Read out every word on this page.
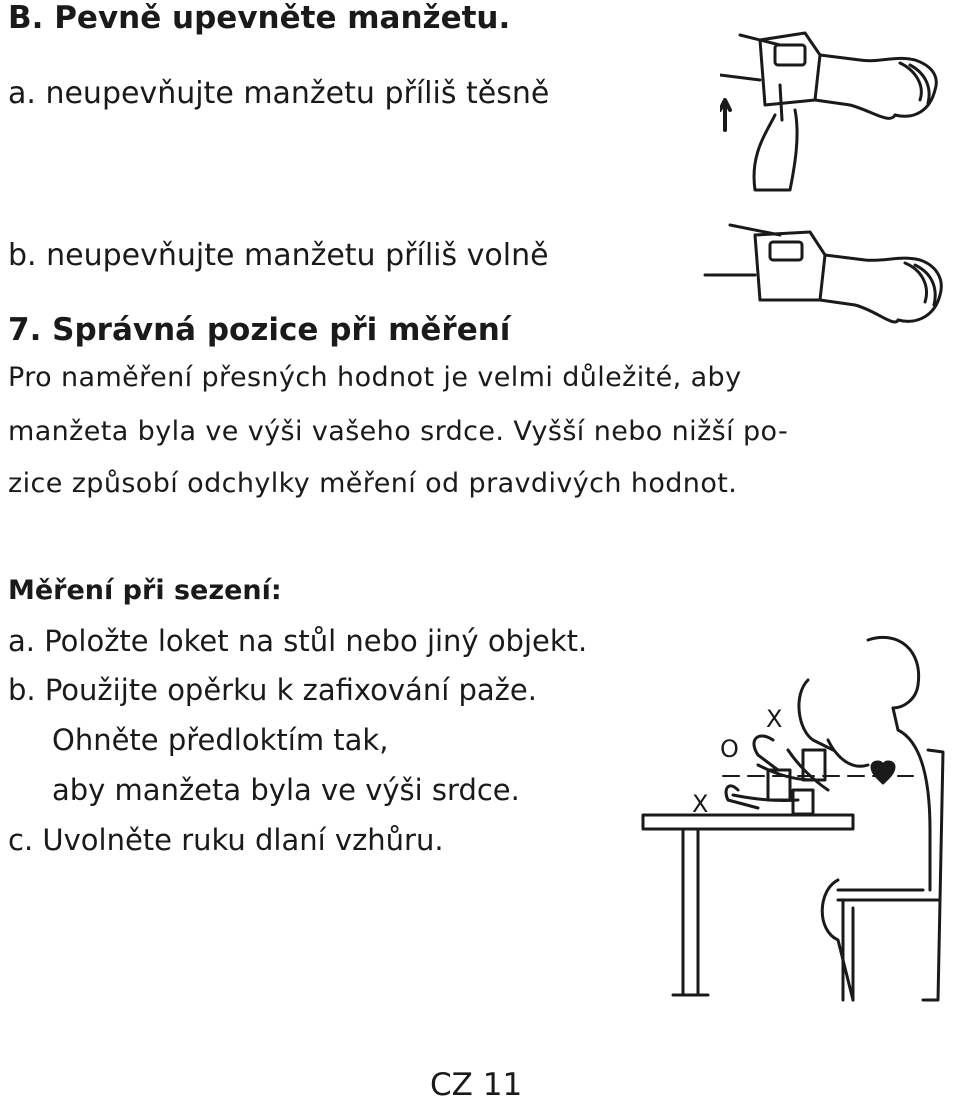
B. Pevně upevněte manžetu.

a. neupevňujte manžetu příliš těsně

b. neupevňujte manžetu příliš volně

7. Správná pozice při měření

Pro naměření přesných hodnot je velmi důležité, aby

manžeta byla ve výši vašeho srdce. Vyšší nebo nižší po-

zice způsobí odchylky měření od pravdivých hodnot.

Měření při sezení:

a. Položte loket na stůl nebo jiný objekt.

b. Použijte opěrku k zafixování paže.

Ohněte předloktím tak,

aby manžeta byla ve výši srdce.

c. Uvolněte ruku dlaní vzhůru.

CZ 11

X
O
X
